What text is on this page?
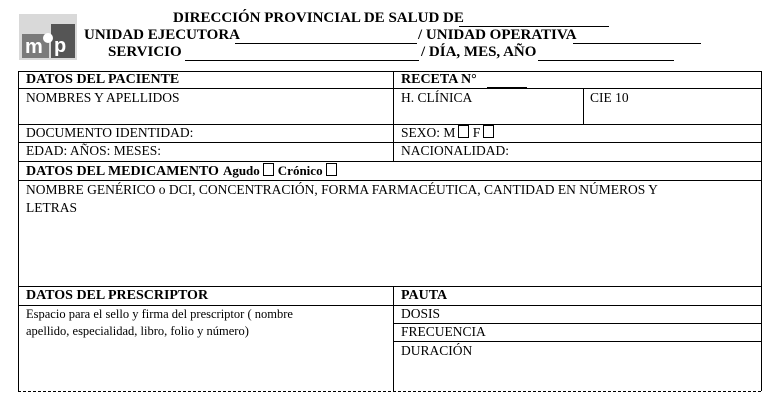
m p
DIRECCIÓN PROVINCIAL DE SALUD DE
UNIDAD EJECUTORA	/ UNIDAD OPERATIVA
SERVICIO	/ DÍA, MES, AÑO
DATOS DEL PACIENTE	RECETA N°
NOMBRES Y APELLIDOS	H. CLÍNICA	CIE 10
DOCUMENTO IDENTIDAD:	SEXO: M F
EDAD: AÑOS: MESES:	NACIONALIDAD:
DATOS DEL MEDICAMENTO Agudo Crónico
NOMBRE GENÉRICO o DCI, CONCENTRACIÓN, FORMA FARMACÉUTICA, CANTIDAD EN NÚMEROS Y
LETRAS
DATOS DEL PRESCRIPTOR	PAUTA
Espacio para el sello y firma del prescriptor ( nombre
apellido, especialidad, libro, folio y número)
DOSIS
FRECUENCIA
DURACIÓN
